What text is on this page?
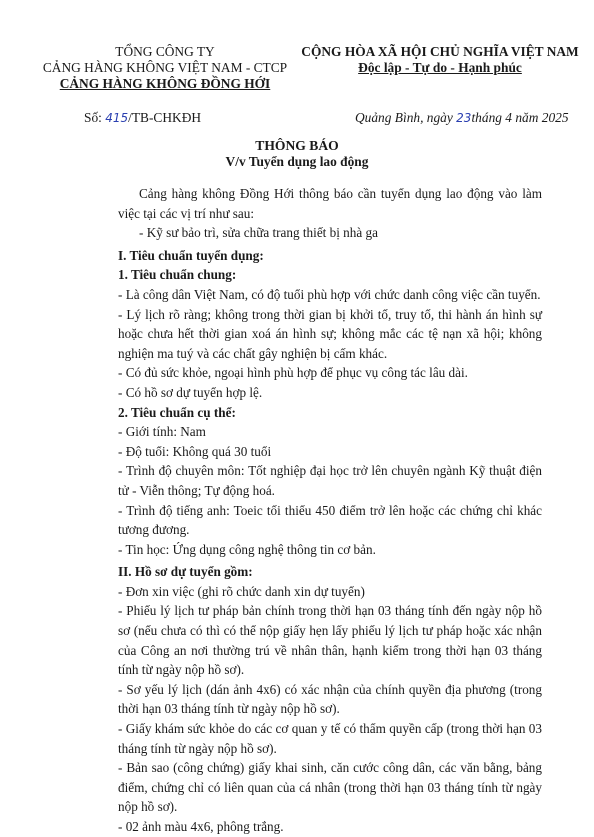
TỔNG CÔNG TY
CẢNG HÀNG KHÔNG VIỆT NAM - CTCP
CẢNG HÀNG KHÔNG ĐỒNG HỚI
CỘNG HÒA XÃ HỘI CHỦ NGHĨA VIỆT NAM
Độc lập - Tự do - Hạnh phúc
Số: 415/TB-CHKĐH	Quảng Bình, ngày 23tháng 4 năm 2025
THÔNG BÁO
V/v Tuyển dụng lao động

Cảng hàng không Đồng Hới thông báo cần tuyển dụng lao động vào làm việc tại các vị trí như sau:

- Kỹ sư bảo trì, sửa chữa trang thiết bị nhà ga

I. Tiêu chuẩn tuyển dụng:

1. Tiêu chuẩn chung:

- Là công dân Việt Nam, có độ tuổi phù hợp với chức danh công việc cần tuyển.

- Lý lịch rõ ràng; không trong thời gian bị khởi tố, truy tố, thi hành án hình sự hoặc chưa hết thời gian xoá án hình sự; không mắc các tệ nạn xã hội; không nghiện ma tuý và các chất gây nghiện bị cấm khác.

- Có đủ sức khỏe, ngoại hình phù hợp để phục vụ công tác lâu dài.

- Có hồ sơ dự tuyển hợp lệ.

2. Tiêu chuẩn cụ thể:

- Giới tính: Nam

- Độ tuổi: Không quá 30 tuổi

- Trình độ chuyên môn: Tốt nghiệp đại học trở lên chuyên ngành Kỹ thuật điện tử - Viễn thông; Tự động hoá.

- Trình độ tiếng anh: Toeic tối thiểu 450 điểm trở lên hoặc các chứng chỉ khác tương đương.

- Tin học: Ứng dụng công nghệ thông tin cơ bản.

II. Hồ sơ dự tuyển gồm:

- Đơn xin việc (ghi rõ chức danh xin dự tuyển)

- Phiếu lý lịch tư pháp bản chính trong thời hạn 03 tháng tính đến ngày nộp hồ sơ (nếu chưa có thì có thể nộp giấy hẹn lấy phiếu lý lịch tư pháp hoặc xác nhận của Công an nơi thường trú về nhân thân, hạnh kiểm trong thời hạn 03 tháng tính từ ngày nộp hồ sơ).

- Sơ yếu lý lịch (dán ảnh 4x6) có xác nhận của chính quyền địa phương (trong thời hạn 03 tháng tính từ ngày nộp hồ sơ).

- Giấy khám sức khỏe do các cơ quan y tế có thẩm quyền cấp (trong thời hạn 03 tháng tính từ ngày nộp hồ sơ).

- Bản sao (công chứng) giấy khai sinh, căn cước công dân, các văn bằng, bảng điểm, chứng chỉ có liên quan của cá nhân (trong thời hạn 03 tháng tính từ ngày nộp hồ sơ).

- 02 ảnh màu 4x6, phông trắng.
